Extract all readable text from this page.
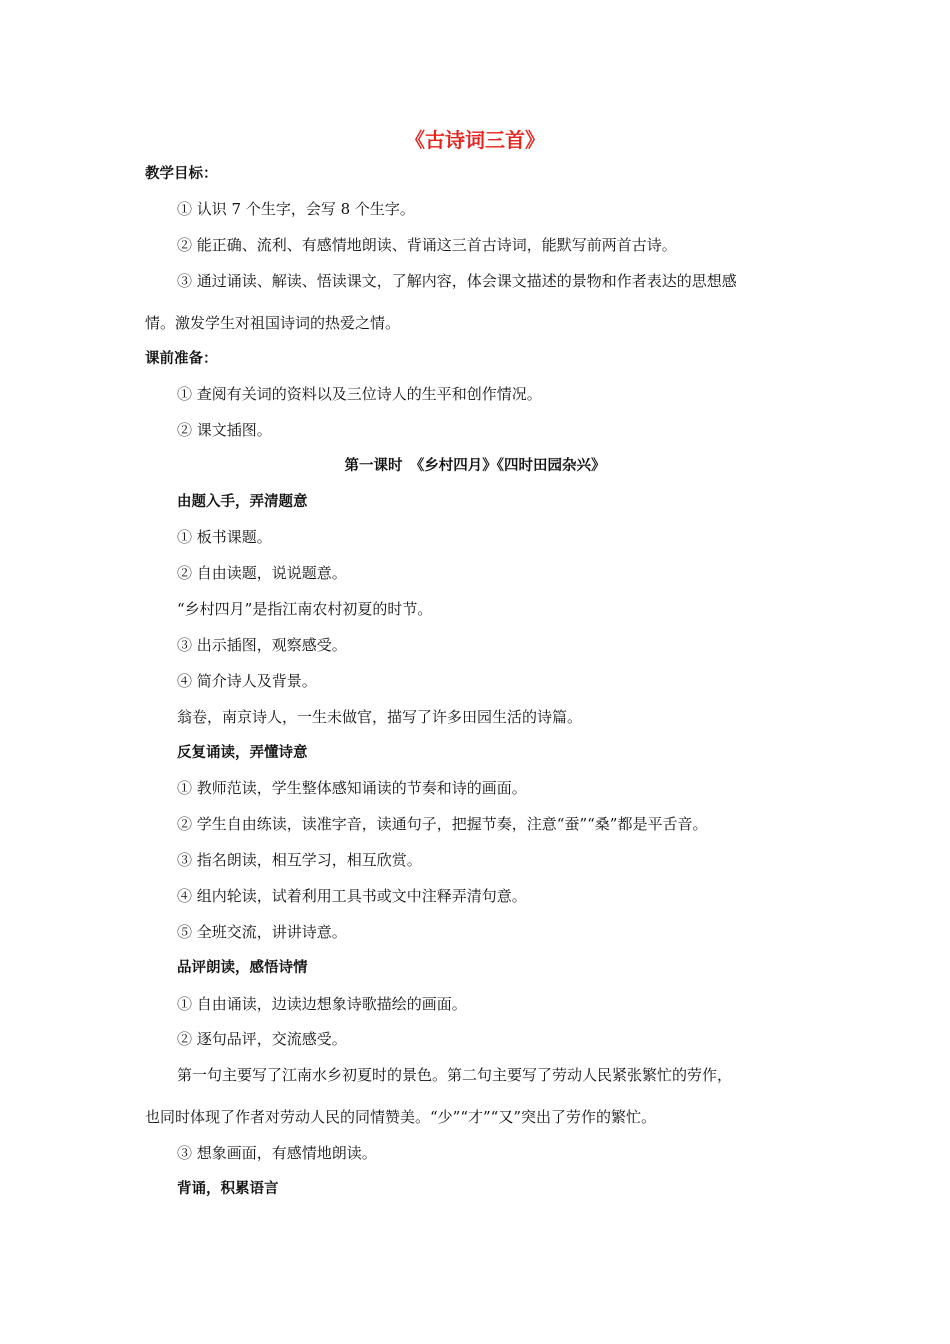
《古诗词三首》
教学目标：
① 认识 7 个生字，会写 8 个生字。
② 能正确、流利、有感情地朗读、背诵这三首古诗词，能默写前两首古诗。
③ 通过诵读、解读、悟读课文，了解内容，体会课文描述的景物和作者表达的思想感
情。激发学生对祖国诗词的热爱之情。
课前准备：
① 查阅有关词的资料以及三位诗人的生平和创作情况。
② 课文插图。
第一课时　《乡村四月》《四时田园杂兴》
由题入手，弄清题意
① 板书课题。
② 自由读题，说说题意。
“乡村四月”是指江南农村初夏的时节。
③ 出示插图，观察感受。
④ 简介诗人及背景。
翁卷，南京诗人，一生未做官，描写了许多田园生活的诗篇。
反复诵读，弄懂诗意
① 教师范读，学生整体感知诵读的节奏和诗的画面。
② 学生自由练读，读准字音，读通句子，把握节奏，注意“蚕”“桑”都是平舌音。
③ 指名朗读，相互学习，相互欣赏。
④ 组内轮读，试着利用工具书或文中注释弄清句意。
⑤ 全班交流，讲讲诗意。
品评朗读，感悟诗情
① 自由诵读，边读边想象诗歌描绘的画面。
② 逐句品评，交流感受。
第一句主要写了江南水乡初夏时的景色。第二句主要写了劳动人民紧张繁忙的劳作，
也同时体现了作者对劳动人民的同情赞美。“少”“才”“又”突出了劳作的繁忙。
③ 想象画面，有感情地朗读。
背诵，积累语言
